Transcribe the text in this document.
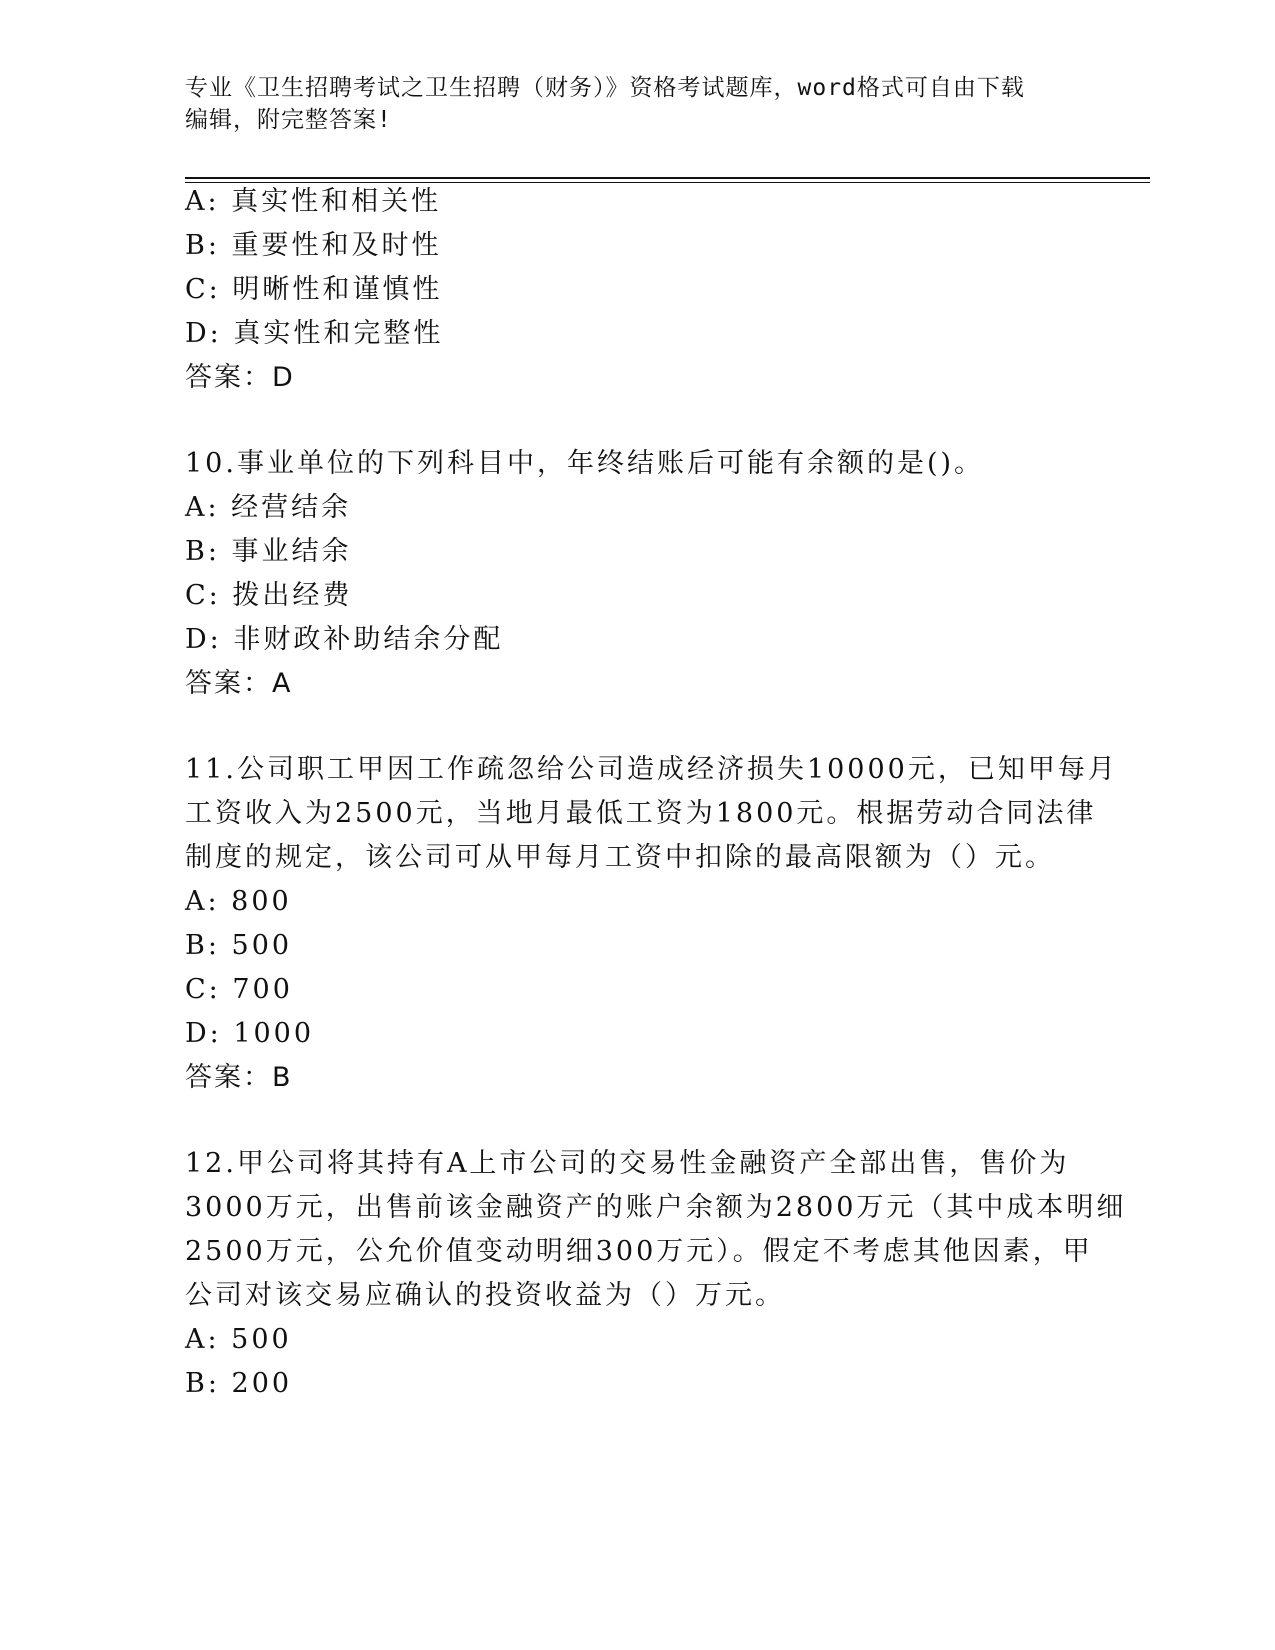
专业《卫生招聘考试之卫生招聘（财务）》资格考试题库，word格式可自由下载
编辑，附完整答案!
A: 真实性和相关性
B: 重要性和及时性
C: 明晰性和谨慎性
D: 真实性和完整性
答案：D
10.事业单位的下列科目中，年终结账后可能有余额的是()。
A: 经营结余
B: 事业结余
C: 拨出经费
D: 非财政补助结余分配
答案：A
11.公司职工甲因工作疏忽给公司造成经济损失10000元，已知甲每月
工资收入为2500元，当地月最低工资为1800元。根据劳动合同法律
制度的规定，该公司可从甲每月工资中扣除的最高限额为（）元。
A: 800
B: 500
C: 700
D: 1000
答案：B
12.甲公司将其持有A上市公司的交易性金融资产全部出售，售价为
3000万元，出售前该金融资产的账户余额为2800万元（其中成本明细
2500万元，公允价值变动明细300万元）。假定不考虑其他因素，甲
公司对该交易应确认的投资收益为（）万元。
A: 500
B: 200
